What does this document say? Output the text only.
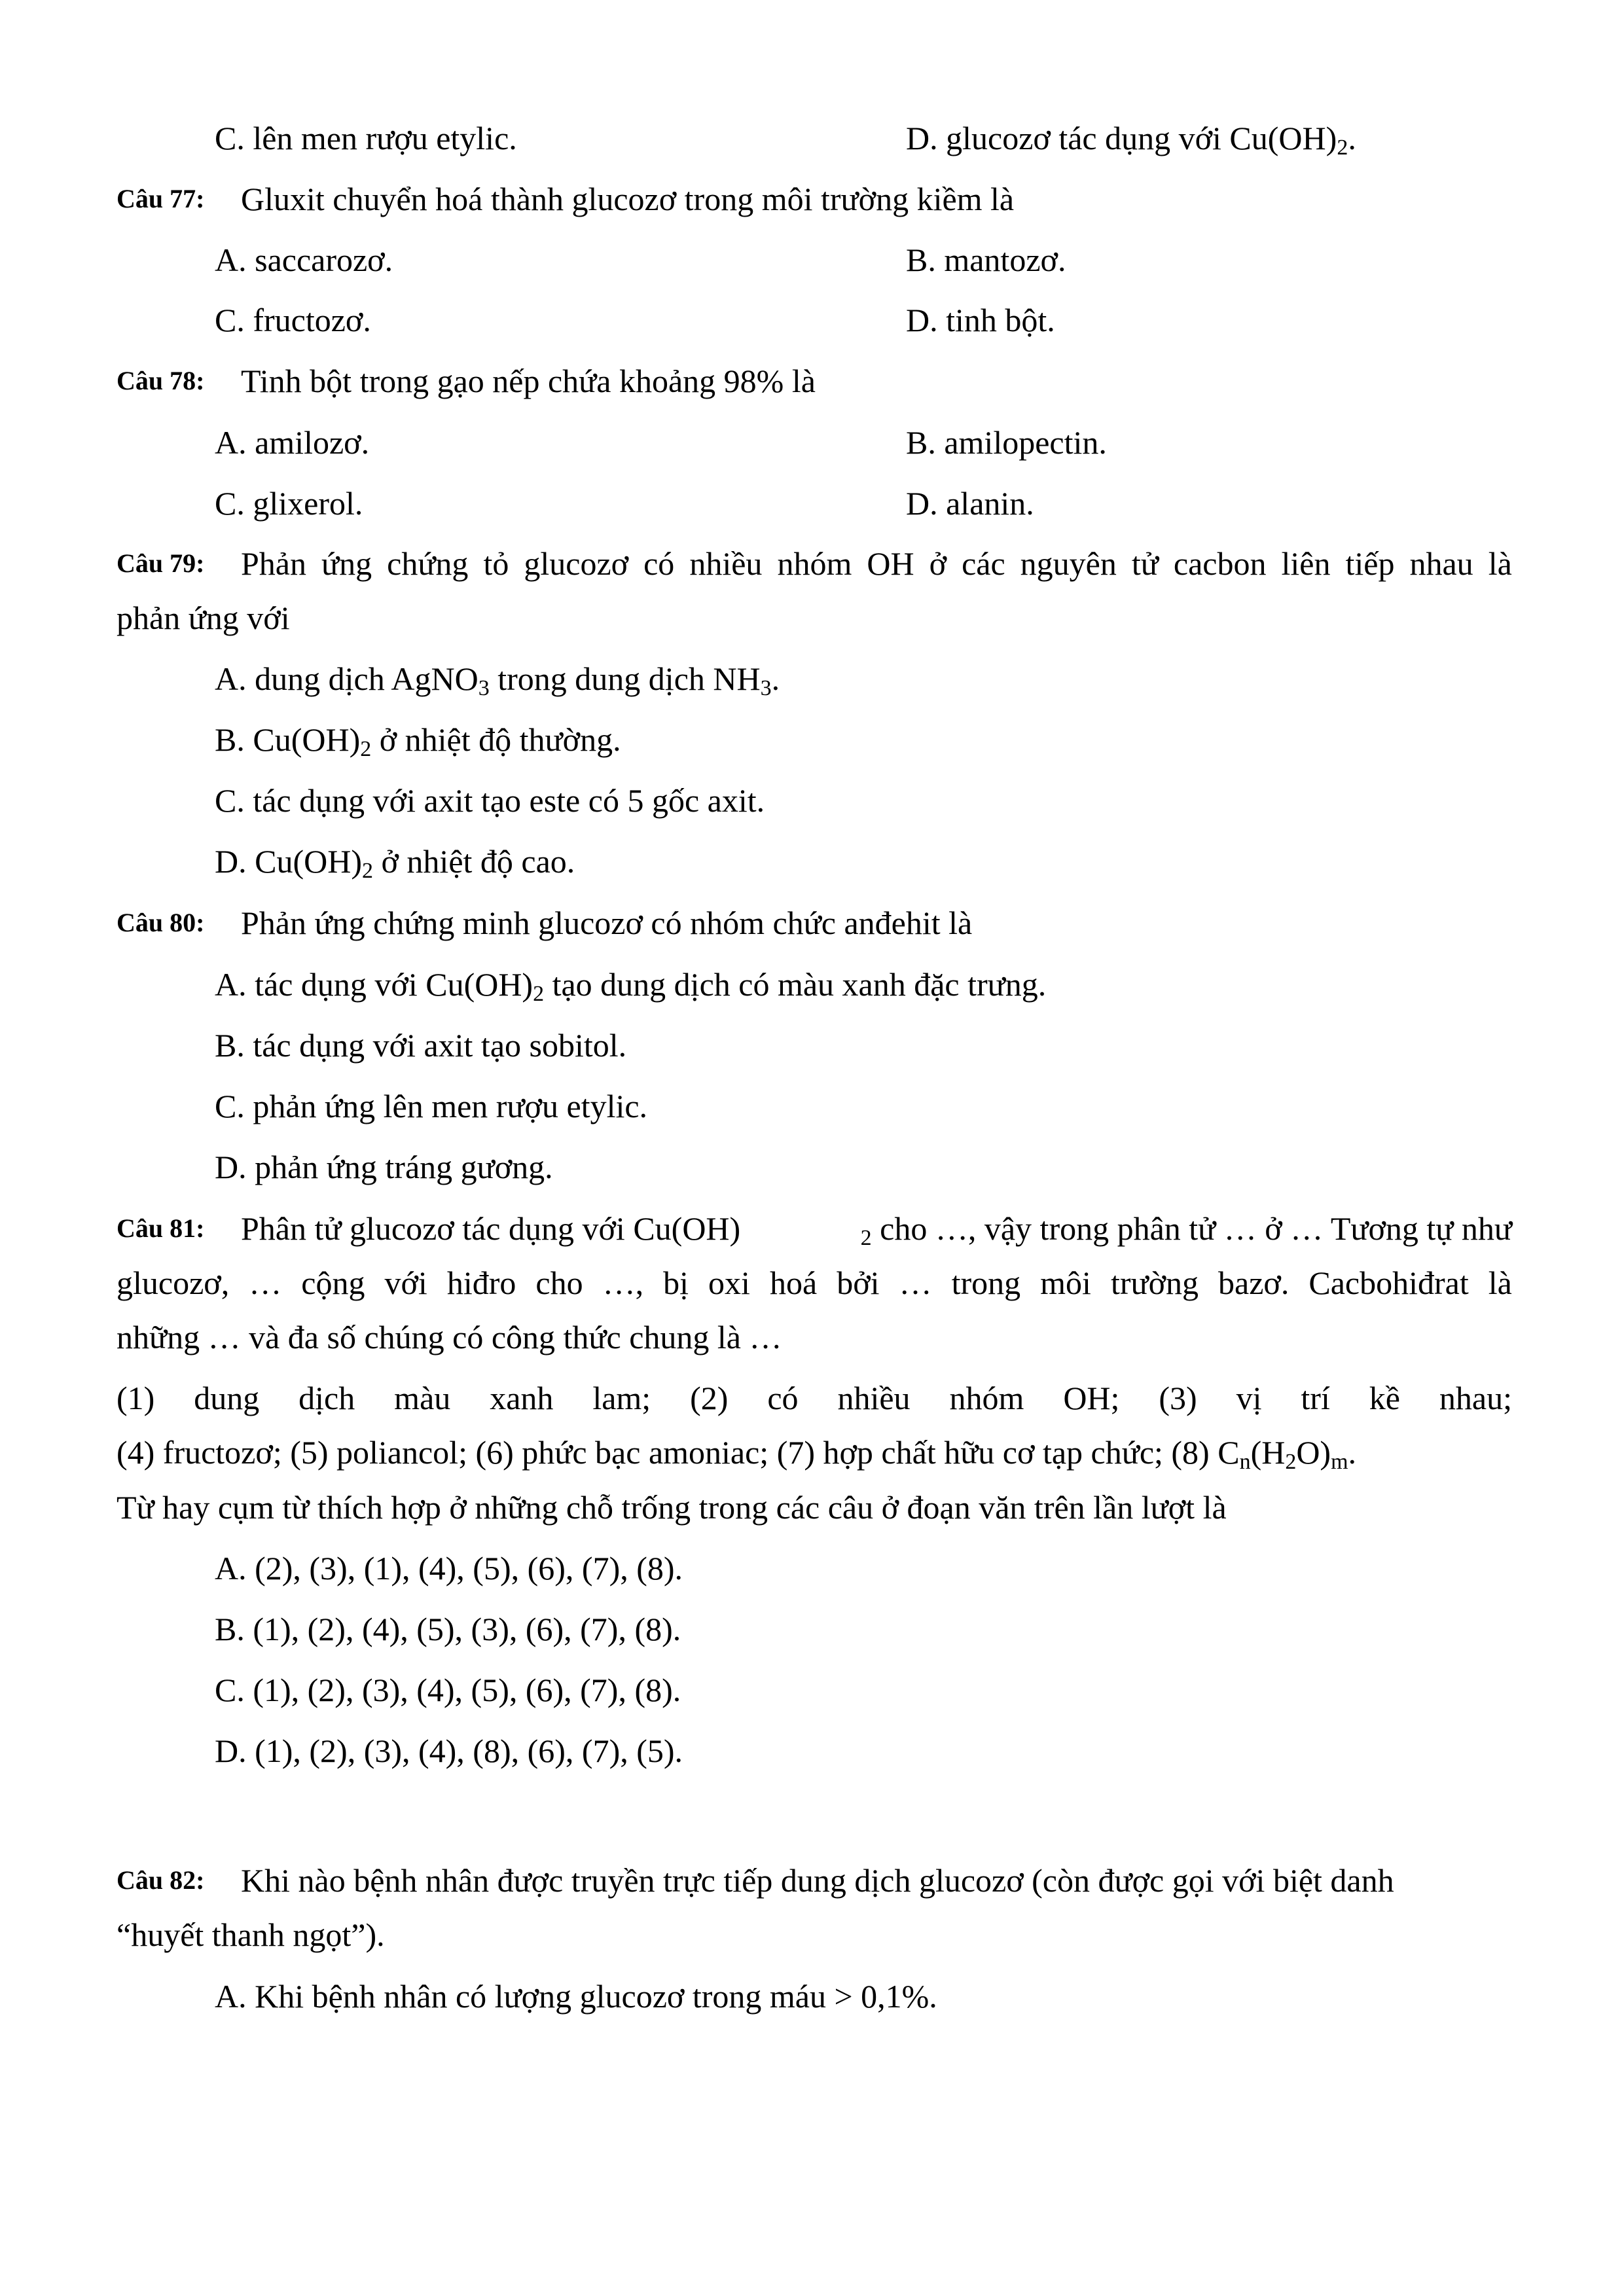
C. lên men rượu etylic.	D. glucozơ tác dụng với $Cu(OH)_2$.
Câu 77: Gluxit chuyển hoá thành glucozơ trong môi trường kiềm là
A. saccarozơ.	B. mantozơ.
C. fructozơ.	D. tinh bột.
Câu 78: Tinh bột trong gạo nếp chứa khoảng 98% là
A. amilozơ.	B. amilopectin.
C. glixerol.	D. alanin.
Câu 79: Phản ứng chứng tỏ glucozơ có nhiều nhóm OH ở các nguyên tử cacbon liên tiếp nhau là
phản ứng với
A. dung dịch AgNO$_3$ trong dung dịch $NH_3$.
B. $Cu(OH)_2$ ở nhiệt độ thường.
C. tác dụng với axit tạo este có 5 gốc axit.
D. $Cu(OH)_2$ ở nhiệt độ cao.
Câu 80: Phản ứng chứng minh glucozơ có nhóm chức anđehit là
A. tác dụng với $Cu(OH)_2$ tạo dung dịch có màu xanh đặc trưng.
B. tác dụng với axit tạo sobitol.
C. phản ứng lên men rượu etylic.
D. phản ứng tráng gương.
Câu 81: Phân tử glucozơ tác dụng với Cu(OH)	$_2$ cho …, vậy trong phân tử … ở … Tương tự như
glucozơ, … cộng với hiđro cho …, bị oxi hoá bởi … trong môi trường bazơ. Cacbohiđrat là
những … và đa số chúng có công thức chung là …
(1) dung dịch màu xanh lam; (2) có nhiều nhóm OH; (3) vị trí kề nhau;
(4) fructozơ; (5) poliancol; (6) phức bạc amoniac; (7) hợp chất hữu cơ tạp chức; (8) $C_n(H_2O)_m$.
Từ hay cụm từ thích hợp ở những chỗ trống trong các câu ở đoạn văn trên lần lượt là
A. (2), (3), (1), (4), (5), (6), (7), (8).
B. (1), (2), (4), (5), (3), (6), (7), (8).
C. (1), (2), (3), (4), (5), (6), (7), (8).
D. (1), (2), (3), (4), (8), (6), (7), (5).
Câu 82: Khi nào bệnh nhân được truyền trực tiếp dung dịch glucozơ (còn được gọi với biệt danh
“huyết thanh ngọt”).
A. Khi bệnh nhân có lượng glucozơ trong máu > 0,1%.
